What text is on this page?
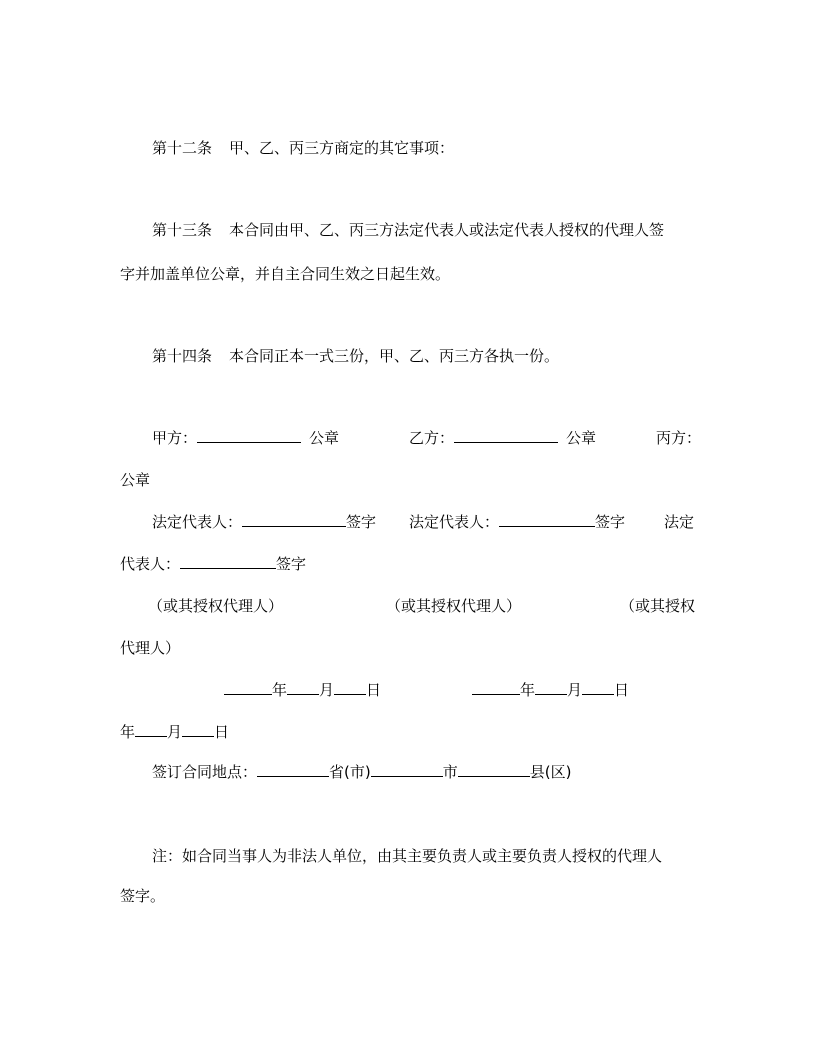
第十二条 甲、乙、丙三方商定的其它事项：
第十三条 本合同由甲、乙、丙三方法定代表人或法定代表人授权的代理人签
字并加盖单位公章，并自主合同生效之日起生效。
第十四条 本合同正本一式三份，甲、乙、丙三方各执一份。
甲方：	公章	乙方：	公章	丙方：
公章
法定代表人：	签字 法定代表人：	签字	法定
代表人：	签字
（或其授权代理人）	（或其授权代理人）	（或其授权
代理人）
年 月 日	年 月 日
年 月 日
签订合同地点：	省(市)	市	县(区)
注：如合同当事人为非法人单位，由其主要负责人或主要负责人授权的代理人
签字。
